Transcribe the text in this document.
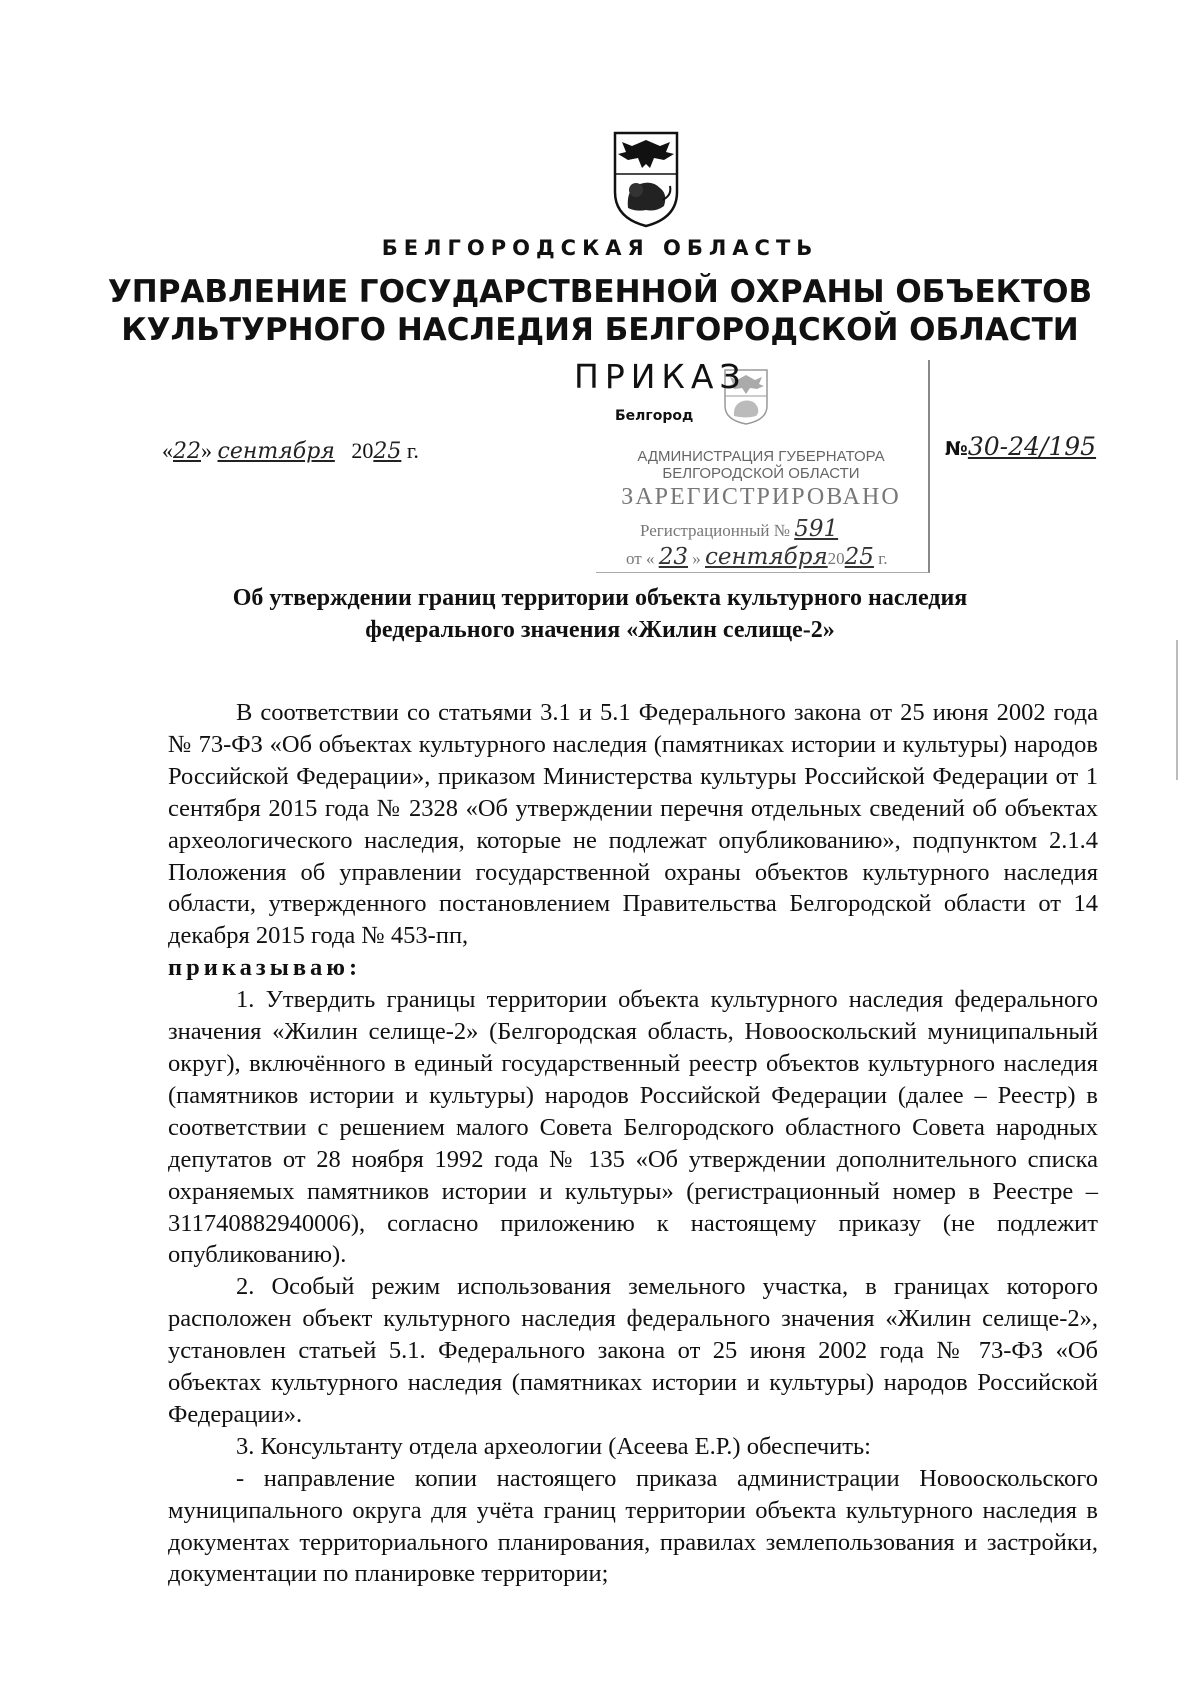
БЕЛГОРОДСКАЯ ОБЛАСТЬ
УПРАВЛЕНИЕ ГОСУДАРСТВЕННОЙ ОХРАНЫ ОБЪЕКТОВ
КУЛЬТУРНОГО НАСЛЕДИЯ БЕЛГОРОДСКОЙ ОБЛАСТИ
АДМИНИСТРАЦИЯ ГУБЕРНАТОРА
БЕЛГОРОДСКОЙ ОБЛАСТИ
ЗАРЕГИСТРИРОВАНО
Регистрационный № 591
от « 23 » сентября2025 г.
ПРИКАЗ
Белгород
«22» сентября 2025 г.	№30-24/195
Об утверждении границ территории объекта культурного наследия
федерального значения «Жилин селище-2»

В соответствии со статьями 3.1 и 5.1 Федерального закона от 25 июня 2002 года № 73-ФЗ «Об объектах культурного наследия (памятниках истории и культуры) народов Российской Федерации», приказом Министерства культуры Российской Федерации от 1 сентября 2015 года № 2328 «Об утверждении перечня отдельных сведений об объектах археологического наследия, которые не подлежат опубликованию», подпунктом 2.1.4 Положения об управлении государственной охраны объектов культурного наследия области, утвержденного постановлением Правительства Белгородской области от 14 декабря 2015 года № 453-пп,
приказываю:

1. Утвердить границы территории объекта культурного наследия федерального значения «Жилин селище-2» (Белгородская область, Новооскольский муниципальный округ), включённого в единый государственный реестр объектов культурного наследия (памятников истории и культуры) народов Российской Федерации (далее – Реестр) в соответствии с решением малого Совета Белгородского областного Совета народных депутатов от 28 ноября 1992 года № 135 «Об утверждении дополнительного списка охраняемых памятников истории и культуры» (регистрационный номер в Реестре – 311740882940006), согласно приложению к настоящему приказу (не подлежит опубликованию).

2. Особый режим использования земельного участка, в границах которого расположен объект культурного наследия федерального значения «Жилин селище-2», установлен статьей 5.1. Федерального закона от 25 июня 2002 года № 73-ФЗ «Об объектах культурного наследия (памятниках истории и культуры) народов Российской Федерации».

3. Консультанту отдела археологии (Асеева Е.Р.) обеспечить:

- направление копии настоящего приказа администрации Новооскольского муниципального округа для учёта границ территории объекта культурного наследия в документах территориального планирования, правилах землепользования и застройки, документации по планировке территории;
